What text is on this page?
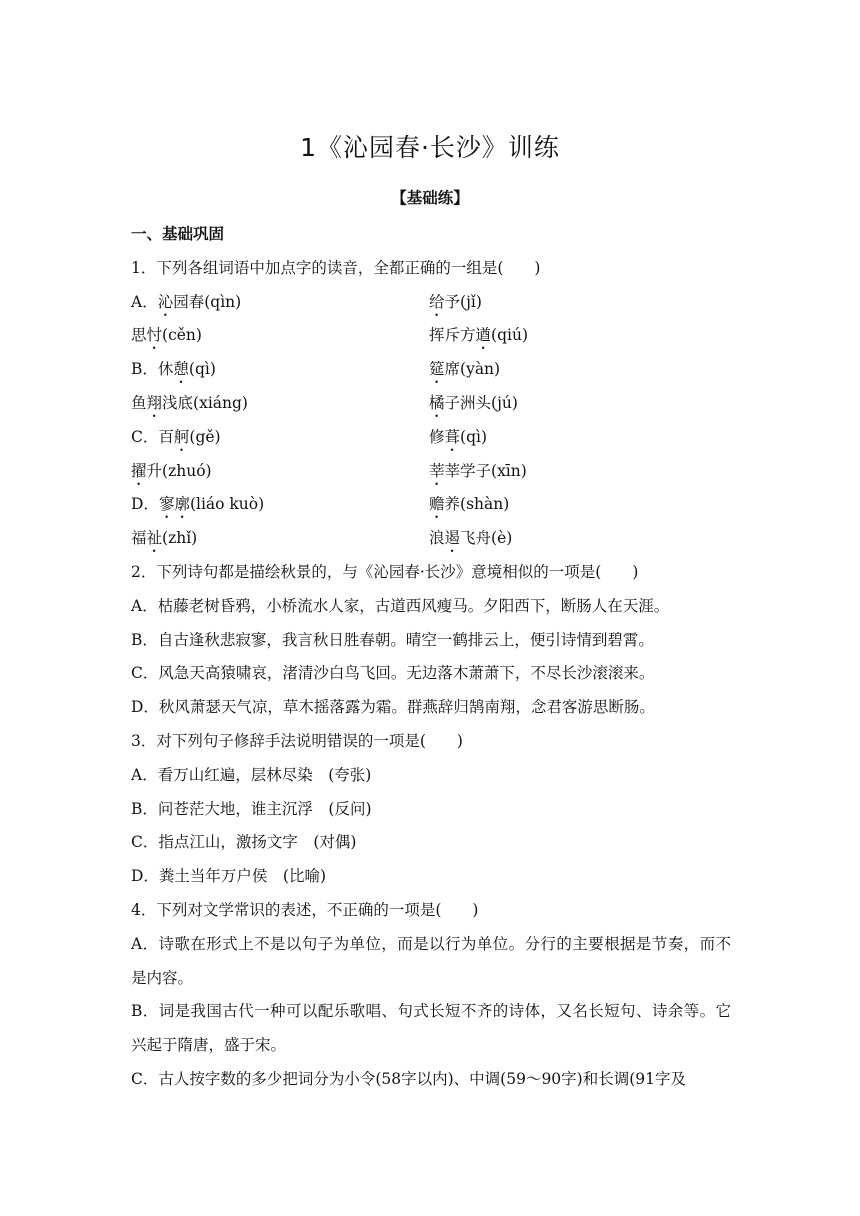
1《沁园春·长沙》训练
【基础练】
一、基础巩固
1．下列各组词语中加点字的读音，全都正确的一组是(　　)
A．沁园春(qìn)	给予(jǐ)
思忖(cěn)	挥斥方遒(qiú)
B．休憩(qì)	筵席(yàn)
鱼翔浅底(xiáng)	橘子洲头(jú)
C．百舸(gě)	修葺(qì)
擢升(zhuó)	莘莘学子(xīn)
D．寥廓(liáo kuò)	赡养(shàn)
福祉(zhǐ)	浪遏飞舟(è)
2．下列诗句都是描绘秋景的，与《沁园春·长沙》意境相似的一项是(　　)
A．枯藤老树昏鸦，小桥流水人家，古道西风瘦马。夕阳西下，断肠人在天涯。
B．自古逢秋悲寂寥，我言秋日胜春朝。晴空一鹤排云上，便引诗情到碧霄。
C．风急天高猿啸哀，渚清沙白鸟飞回。无边落木萧萧下，不尽长沙滚滚来。
D．秋风萧瑟天气凉，草木摇落露为霜。群燕辞归鹄南翔，念君客游思断肠。
3．对下列句子修辞手法说明错误的一项是(　　)
A．看万山红遍，层林尽染　(夸张)
B．问苍茫大地，谁主沉浮　(反问)
C．指点江山，激扬文字　(对偶)
D．粪土当年万户侯　(比喻)
4．下列对文学常识的表述，不正确的一项是(　　)
A．诗歌在形式上不是以句子为单位，而是以行为单位。分行的主要根据是节奏，而不是内容。
B．词是我国古代一种可以配乐歌唱、句式长短不齐的诗体，又名长短句、诗余等。它兴起于隋唐，盛于宋。
C．古人按字数的多少把词分为小令(58字以内)、中调(59～90字)和长调(91字及
